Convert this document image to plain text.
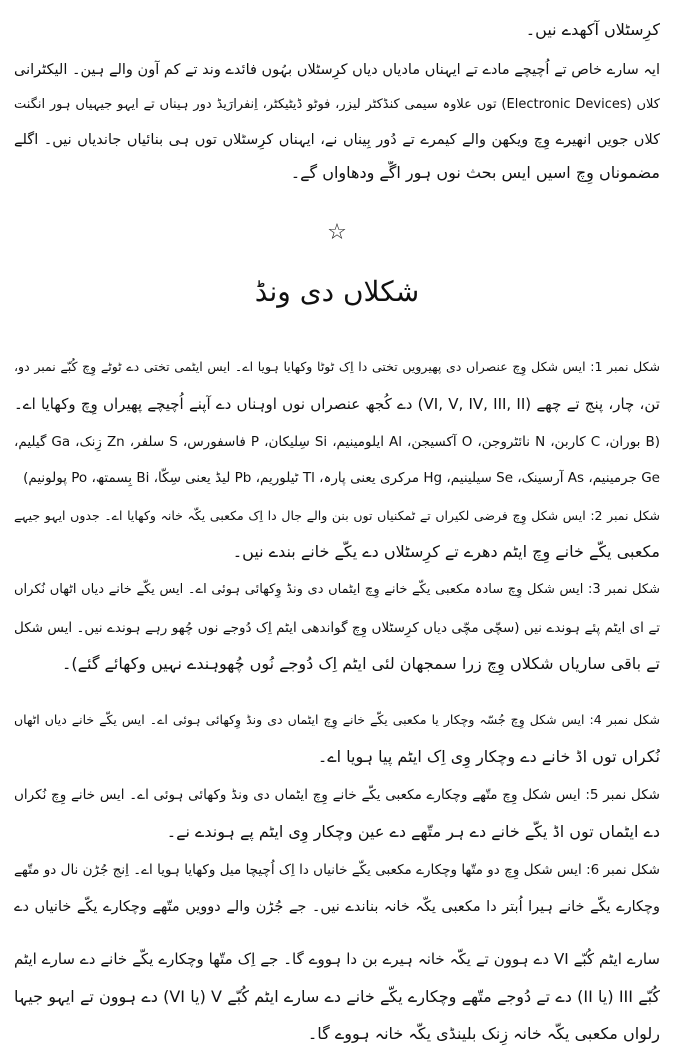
کرِسٹلاں آکھدے نیں۔
ایہ سارے خاص تے اُچیچے مادے تے ایہناں مادیاں دیاں کرِسٹلاں بہُوں فائدے وند تے کم آون والے ہین۔ الیکٹرانی
کلاں (Electronic Devices) توں علاوہ سیمی کنڈکٹر لیزر، فوٹو ڈیٹیکٹر، اِنفرارَیڈ دور ہیناں تے ایہو جیہیاں ہور انگنت
کلاں جویں انھیرے وِچ ویکھن والے کیمرے تے دُور بِیناں نے، ایہناں کرِسٹلاں توں ہی بنائیاں جاندیاں نیں۔ اگلے
مضموناں وِچ اسیں ایس بحث نوں ہور اگّے ودھاواں گے۔
☆
شکلاں دی ونڈ
شکل نمبر 1: ایس شکل وِچ عنصراں دی پھیرویں تختی دا اِک ٹوٹا وکھایا ہویا اے۔ ایس ایٹمی تختی دے ٹوٹے وِچ کُبّے نمبر دو،
تن، چار، پنج تے چھے (VI, V, IV, III, II) دے کُجھ عنصراں نوں اوہناں دے آپنے اُچیچے پھیراں وِچ وکھایا اے۔
(B بوران، C کاربن، N نائٹروجن، O آکسیجن، Al ایلومینیم، Si سِلیکان، P فاسفورس، S سلفر، Zn زِنک، Ga گیلیم،
Ge جرمینیم، As آرسینک، Se سیلینیم، Hg مرکری یعنی پارہ، Tl ٹیلوریم، Pb لیڈ یعنی سِکّا، Bi بِسمتھ، Po پولونیم)
شکل نمبر 2: ایس شکل وِچ فرضی لکیراں تے ٹمکنیاں توں بنن والے جال دا اِک مکعبی یکّہ خانہ وکھایا اے۔ جدوں ایہو جیہے
مکعبی یکّے خانے وِچ ایٹم دھرے تے کرِسٹلاں دے یکّے خانے بندے نیں۔
شکل نمبر 3: ایس شکل وِچ سادہ مکعبی یکّے خانے وِچ ایٹماں دی ونڈ وِکھائی ہوئی اے۔ ایس یکّے خانے دیاں اٹھاں نُکراں
تے ای ایٹم پئے ہوندے نیں (سچّی مچّی دیاں کرِسٹلاں وِچ گواندھی ایٹم اِک دُوجے نوں چُھو رہے ہوندے نیں۔ ایس شکل
تے باقی ساریاں شکلاں وِچ زرا سمجھان لئی ایٹم اِک دُوجے نُوں چُھوہندے نہیں وکھائے گئے)۔
شکل نمبر 4: ایس شکل وِچ جُسّہ وچکار یا مکعبی یکّے خانے وِچ ایٹماں دی ونڈ وِکھائی ہوئی اے۔ ایس یکّے خانے دیاں اٹھاں
نُکراں توں اڈ خانے دے وچکار وِی اِک ایٹم پیا ہویا اے۔
شکل نمبر 5: ایس شکل وِچ متّھے وچکارے مکعبی یکّے خانے وِچ ایٹماں دی ونڈ وکھائی ہوئی اے۔ ایس خانے وِچ نُکراں
دے ایٹماں توں اڈ یکّے خانے دے ہر متّھے دے عین وچکار وِی ایٹم پے ہوندے نے۔
شکل نمبر 6: ایس شکل وِچ دو متّھا وچکارے مکعبی یکّے خانیاں دا اِک اُچیچا میل وکھایا ہویا اے۔ اِنج جُڑن نال دو متّھے
وچکارے یکّے خانے ہیرا اُبتر دا مکعبی یکّہ خانہ بناندے نیں۔ جے جُڑن والے دوویں متّھے وچکارے یکّے خانیاں دے
سارے ایٹم کُبّے VI دے ہوون تے یکّہ خانہ ہیرے بن دا ہووے گا۔ جے اِک متّھا وچکارے یکّے خانے دے سارے ایٹم
کُبّے III (یا II) دے تے دُوجے متّھے وچکارے یکّے خانے دے سارے ایٹم کُبّے V (یا VI) دے ہوون تے ایہو جیہا
رلواں مکعبی یکّہ خانہ زِنک بلینڈی یکّہ خانہ ہووے گا۔
